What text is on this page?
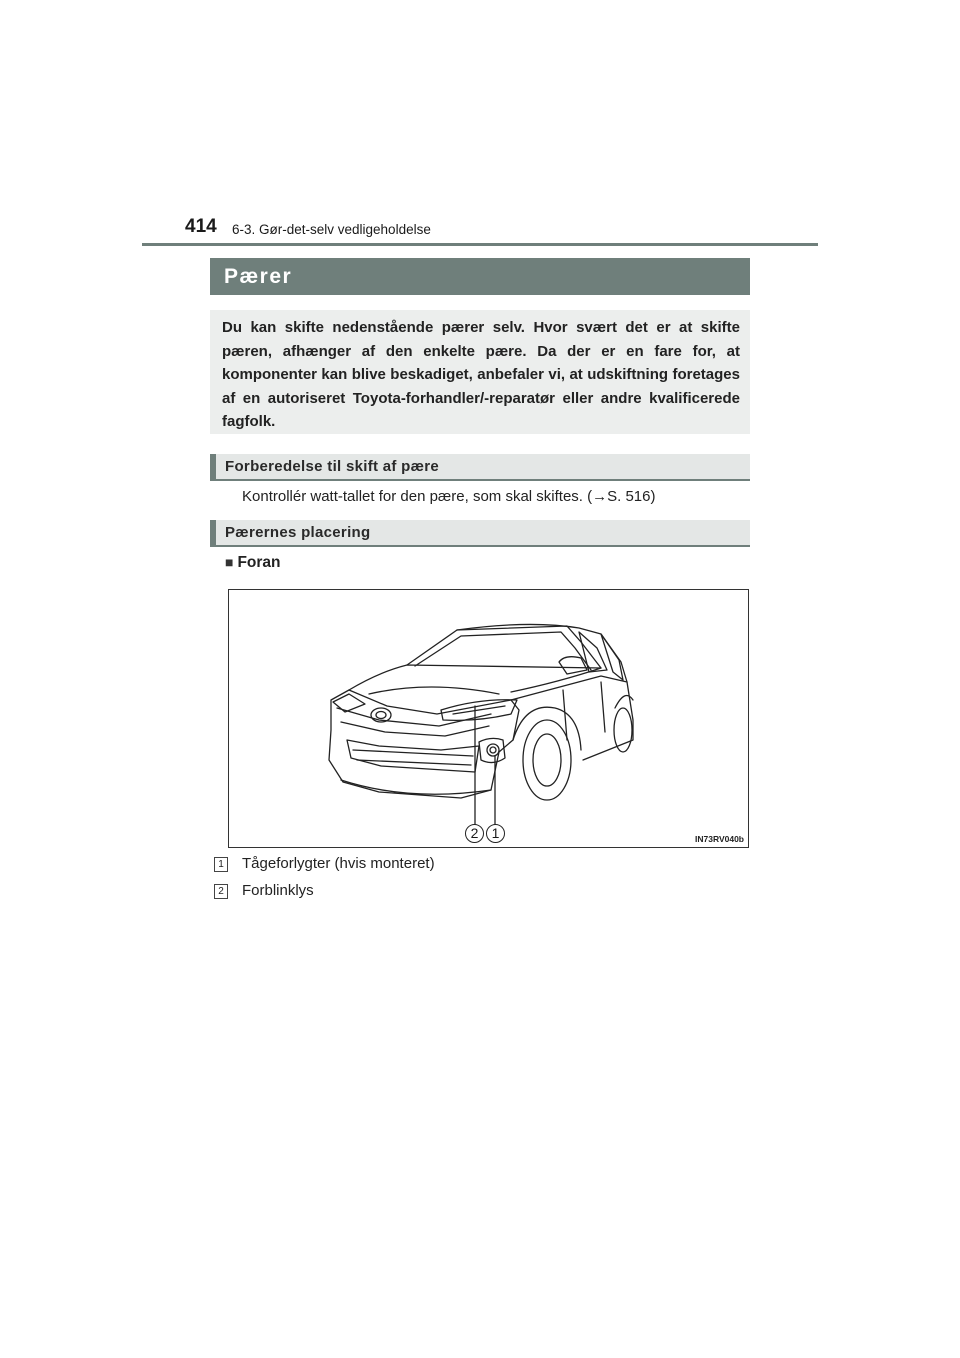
414 6-3. Gør-det-selv vedligeholdelse
Pærer
Du kan skifte nedenstående pærer selv. Hvor svært det er at skifte pæren, afhænger af den enkelte pære. Da der er en fare for, at komponenter kan blive beskadiget, anbefaler vi, at udskiftning foretages af en autoriseret Toyota-forhandler/-reparatør eller andre kvalificerede fagfolk.
Forberedelse til skift af pære
Kontrollér watt-tallet for den pære, som skal skiftes. (→S. 516)
Pærernes placering
■ Foran
2 1	IN73RV040b
1 Tågeforlygter (hvis monteret)
2 Forblinklys
